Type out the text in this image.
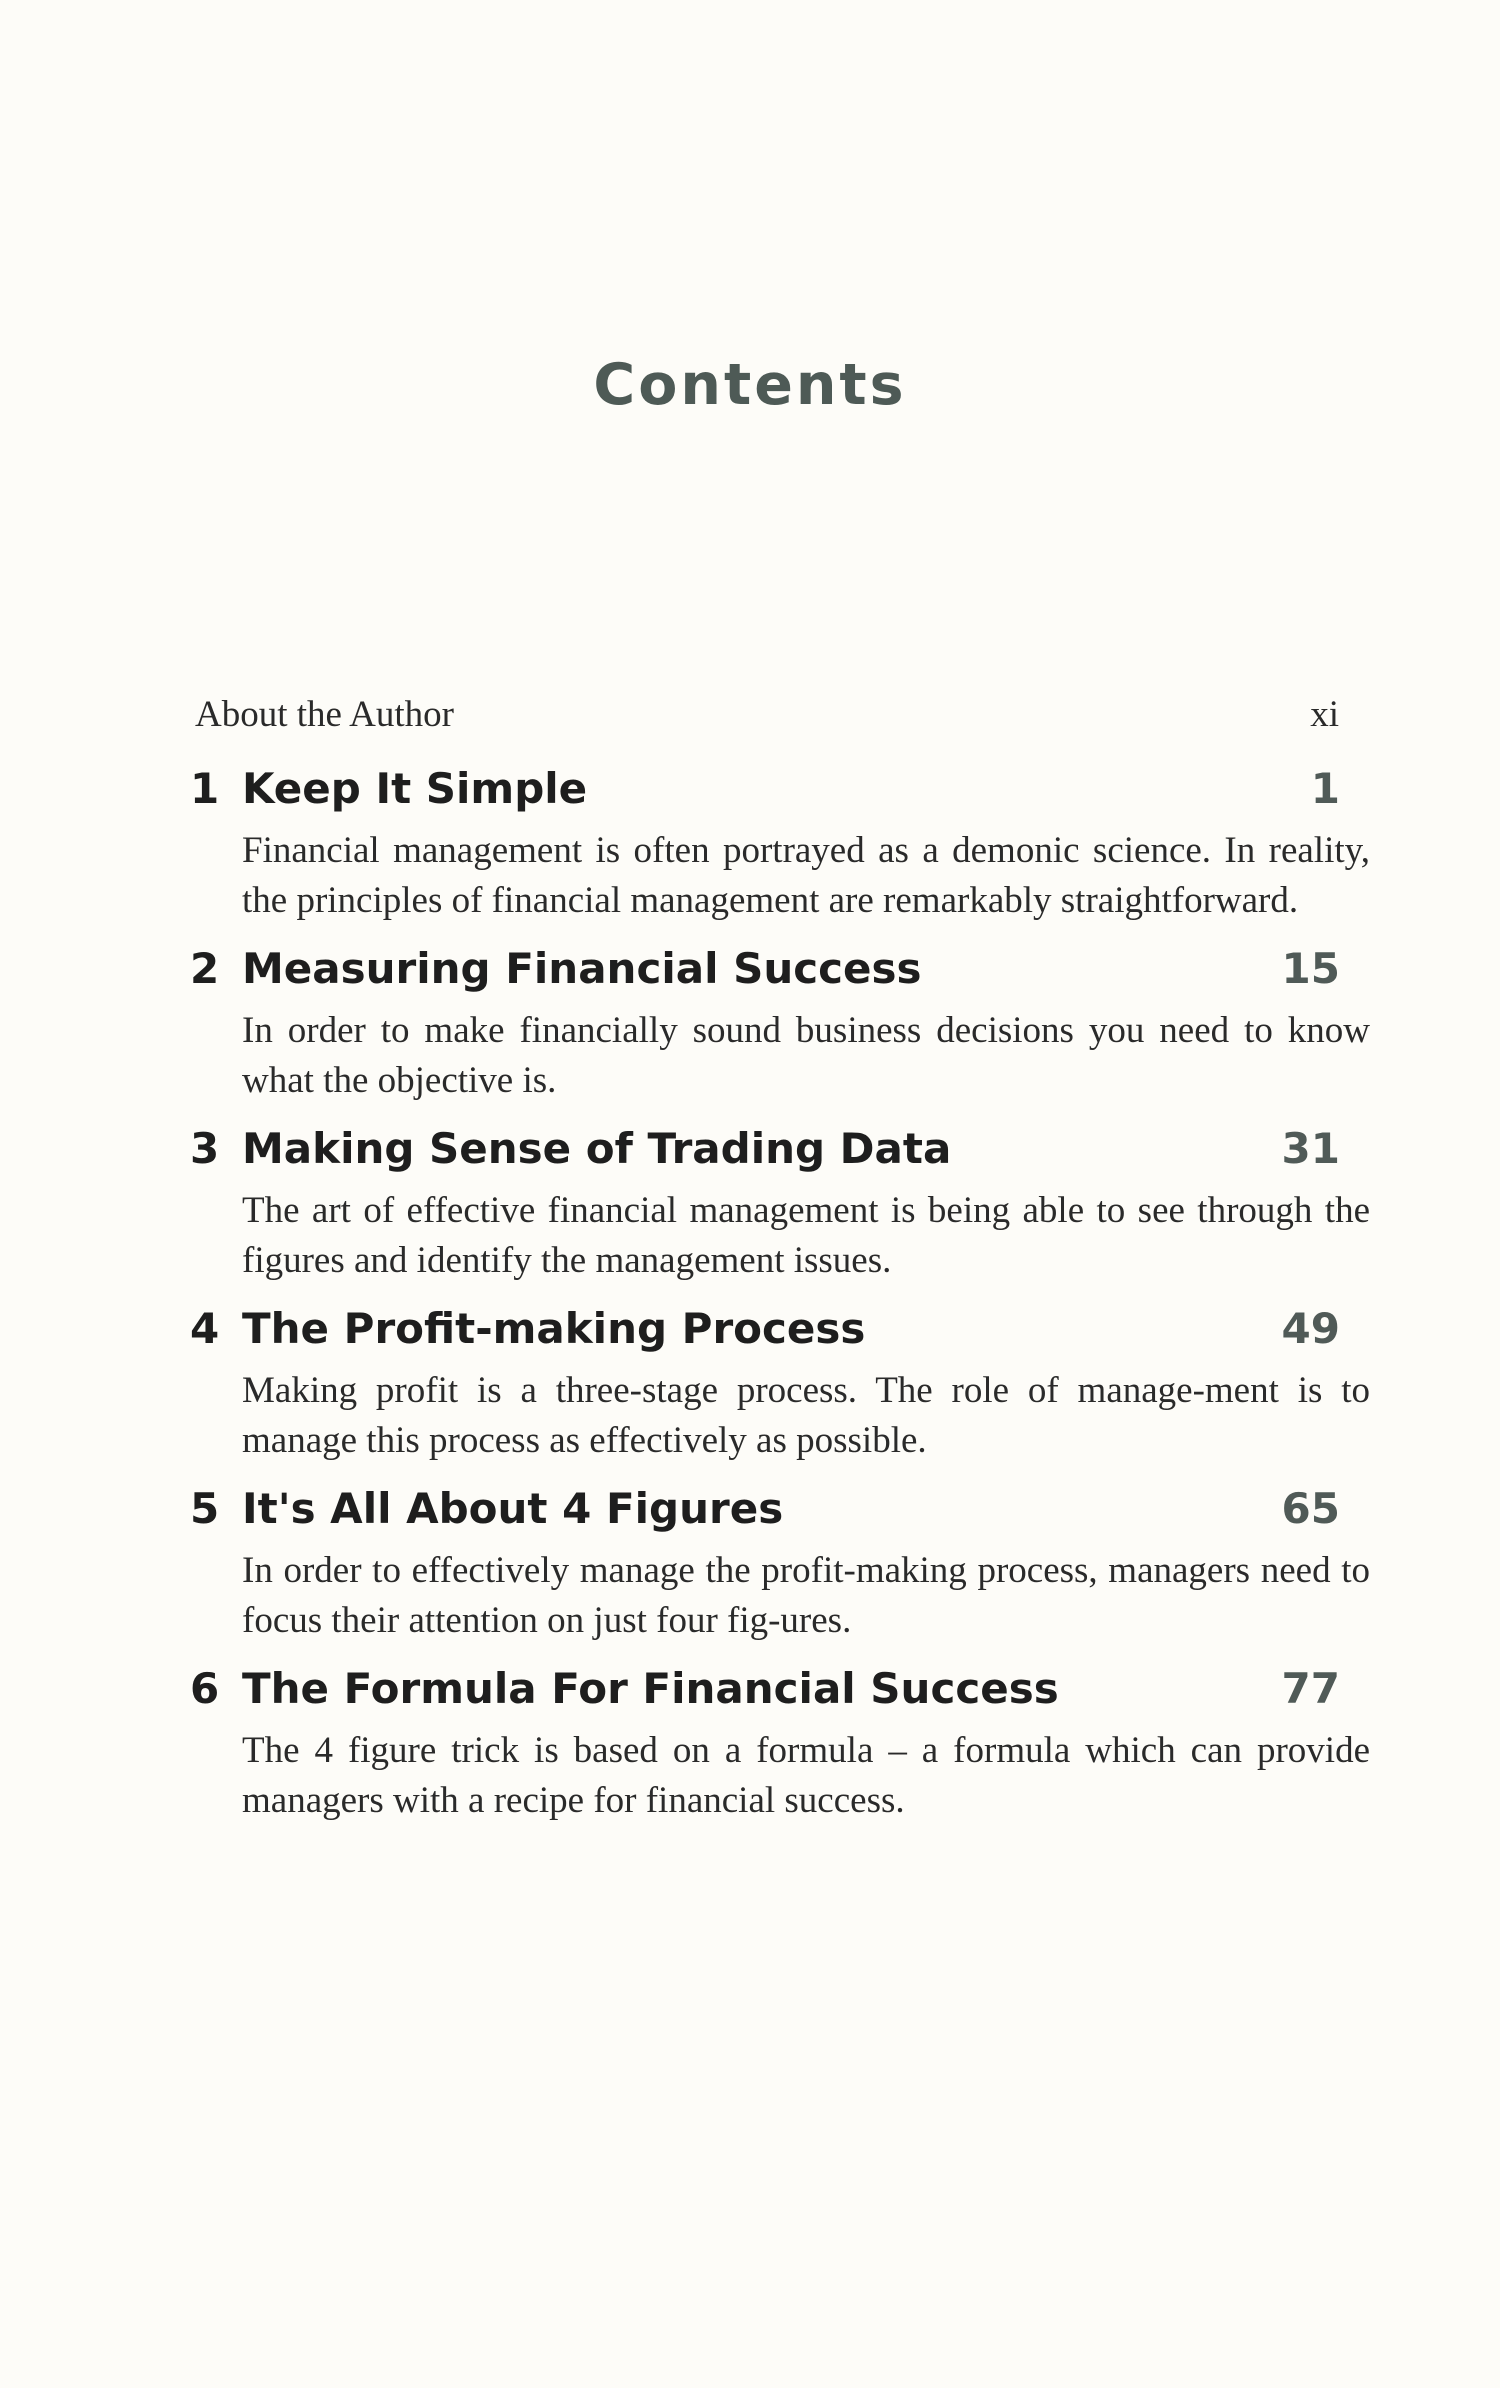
Contents
About the Author	xi
1 Keep It Simple	1
Financial management is often portrayed as a demonic science. In reality, the principles of financial management are remarkably straightforward.
2 Measuring Financial Success	15
In order to make financially sound business decisions you need to know what the objective is.
3 Making Sense of Trading Data	31
The art of effective financial management is being able to see through the figures and identify the management issues.
4 The Profit-making Process	49
Making profit is a three-stage process. The role of manage-ment is to manage this process as effectively as possible.
5 It's All About 4 Figures	65
In order to effectively manage the profit-making process, managers need to focus their attention on just four fig-ures.
6 The Formula For Financial Success	77
The 4 figure trick is based on a formula – a formula which can provide managers with a recipe for financial success.
